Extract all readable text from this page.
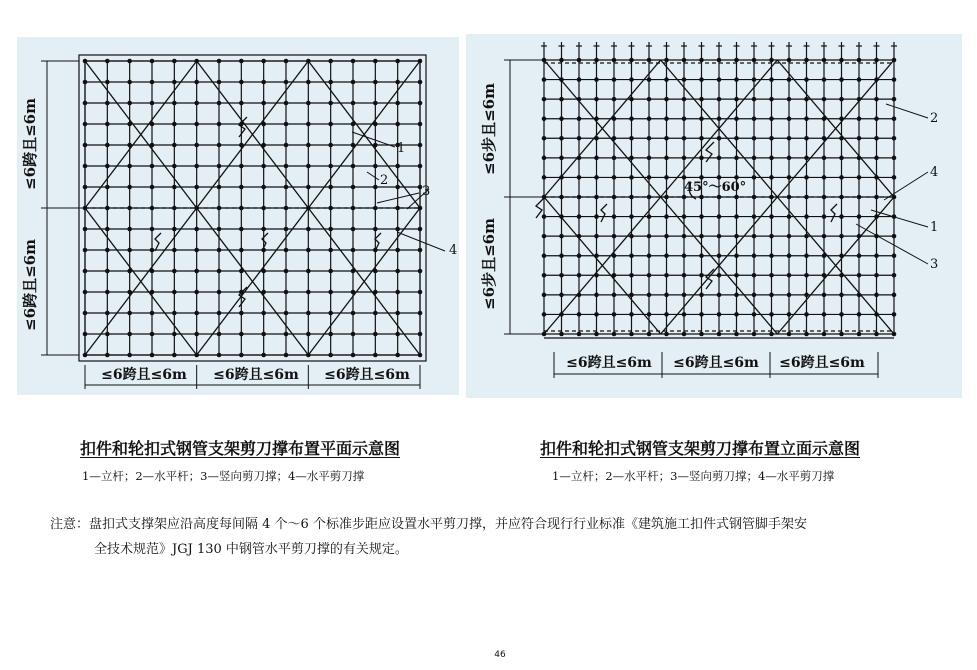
≤6跨且≤6m
≤6跨且≤6m
≤6跨且≤6m ≤6跨且≤6m ≤6跨且≤6m
1
2
3
4
≤6步且≤6m
≤6步且≤6m
≤6跨且≤6m ≤6跨且≤6m ≤6跨且≤6m
45°～60°
2
4
1
3
扣件和轮扣式钢管支架剪刀撑布置平面示意图	扣件和轮扣式钢管支架剪刀撑布置立面示意图
1—立杆；2—水平杆；3—竖向剪刀撑；4—水平剪刀撑	1—立杆；2—水平杆；3—竖向剪刀撑；4—水平剪刀撑
注意：盘扣式支撑架应沿高度每间隔 4 个～6 个标准步距应设置水平剪刀撑，并应符合现行行业标准《建筑施工扣件式钢管脚手架安
全技术规范》JGJ 130 中钢管水平剪刀撑的有关规定。
46
